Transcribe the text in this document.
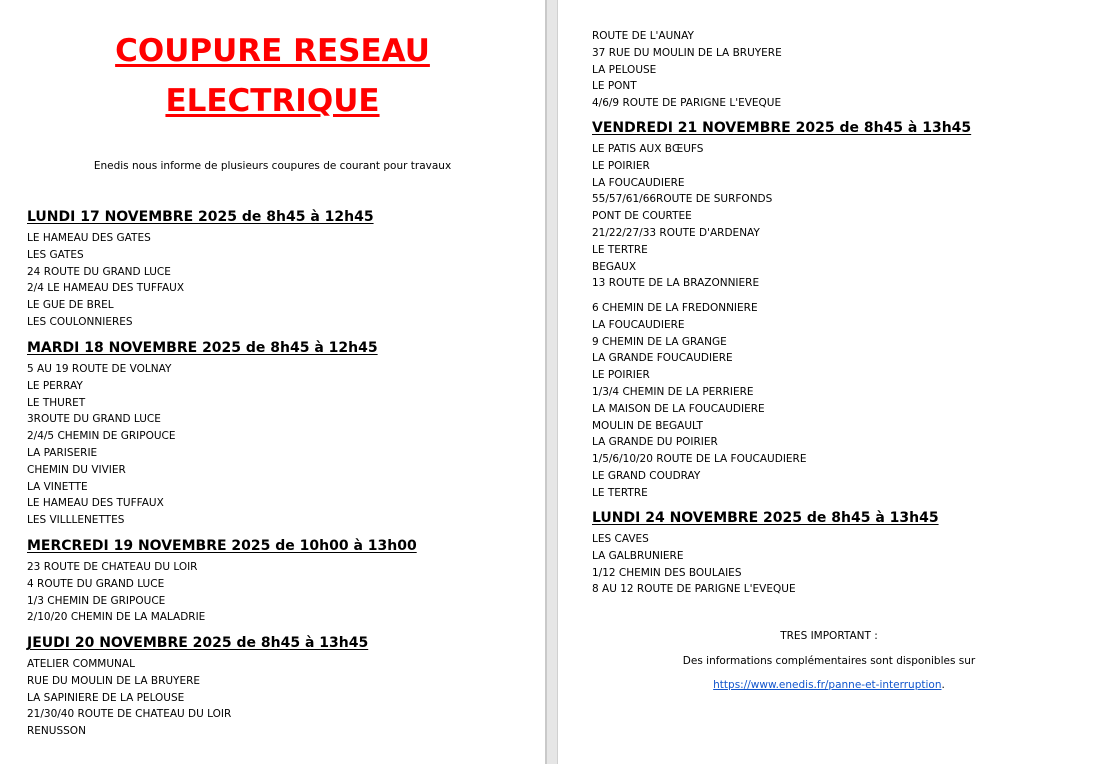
COUPURE RESEAU
ELECTRIQUE
Enedis nous informe de plusieurs coupures de courant pour travaux
LUNDI 17 NOVEMBRE 2025 de 8h45 à 12h45
LE HAMEAU DES GATES
LES GATES
24 ROUTE DU GRAND LUCE
2/4 LE HAMEAU DES TUFFAUX
LE GUE DE BREL
LES COULONNIERES
MARDI 18 NOVEMBRE 2025 de 8h45 à 12h45
5 AU 19 ROUTE DE VOLNAY
LE PERRAY
LE THURET
3ROUTE DU GRAND LUCE
2/4/5 CHEMIN DE GRIPOUCE
LA PARISERIE
CHEMIN DU VIVIER
LA VINETTE
LE HAMEAU DES TUFFAUX
LES VILLLENETTES
MERCREDI 19 NOVEMBRE 2025 de 10h00 à 13h00
23 ROUTE DE CHATEAU DU LOIR
4 ROUTE DU GRAND LUCE
1/3 CHEMIN DE GRIPOUCE
2/10/20 CHEMIN DE LA MALADRIE
JEUDI 20 NOVEMBRE 2025 de 8h45 à 13h45
ATELIER COMMUNAL
RUE DU MOULIN DE LA BRUYERE
LA SAPINIERE DE LA PELOUSE
21/30/40 ROUTE DE CHATEAU DU LOIR
RENUSSON
ROUTE DE L'AUNAY
37 RUE DU MOULIN DE LA BRUYERE
LA PELOUSE
LE PONT
4/6/9 ROUTE DE PARIGNE L'EVEQUE
VENDREDI 21 NOVEMBRE 2025 de 8h45 à 13h45
LE PATIS AUX BŒUFS
LE POIRIER
LA FOUCAUDIERE
55/57/61/66ROUTE DE SURFONDS
PONT DE COURTEE
21/22/27/33 ROUTE D'ARDENAY
LE TERTRE
BEGAUX
13 ROUTE DE LA BRAZONNIERE
6 CHEMIN DE LA FREDONNIERE
LA FOUCAUDIERE
9 CHEMIN DE LA GRANGE
LA GRANDE FOUCAUDIERE
LE POIRIER
1/3/4 CHEMIN DE LA PERRIERE
LA MAISON DE LA FOUCAUDIERE
MOULIN DE BEGAULT
LA GRANDE DU POIRIER
1/5/6/10/20 ROUTE DE LA FOUCAUDIERE
LE GRAND COUDRAY
LE TERTRE
LUNDI 24 NOVEMBRE 2025 de 8h45 à 13h45
LES CAVES
LA GALBRUNIERE
1/12 CHEMIN DES BOULAIES
8 AU 12 ROUTE DE PARIGNE L'EVEQUE
TRES IMPORTANT :
Des informations complémentaires sont disponibles sur
https://www.enedis.fr/panne-et-interruption.
